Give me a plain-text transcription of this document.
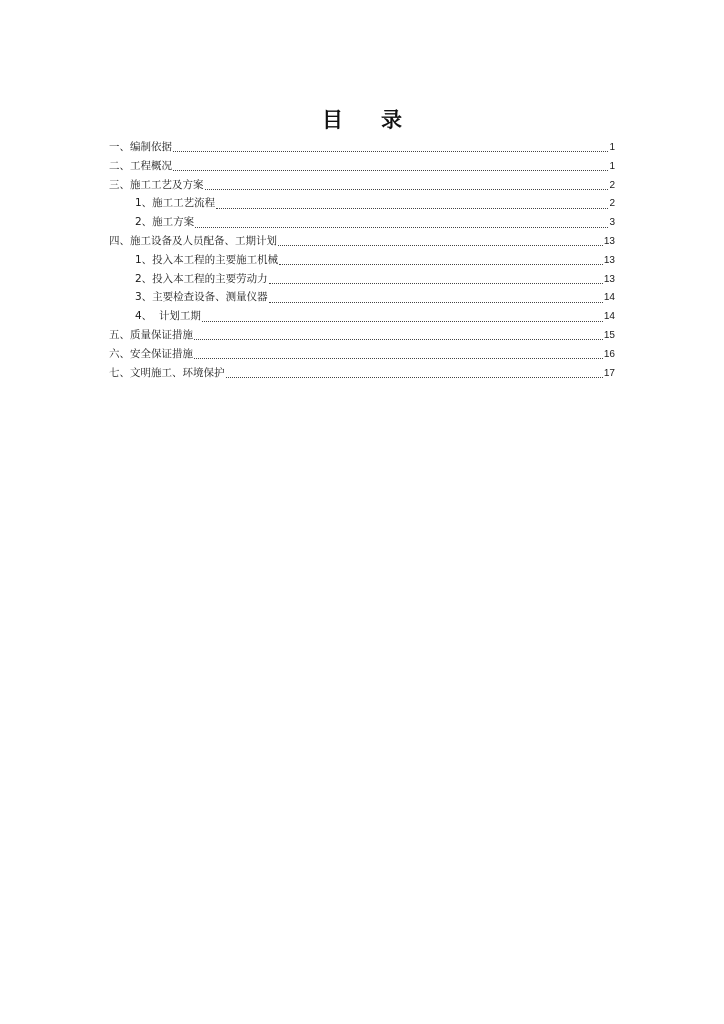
目 录
一、编制依据	1
二、工程概况	1
三、施工工艺及方案	2
1、施工工艺流程	2
2、施工方案	3
四、施工设备及人员配备、工期计划	13
1、投入本工程的主要施工机械	13
2、投入本工程的主要劳动力	13
3、主要检查设备、测量仪器	14
4、  计划工期	14
五、质量保证措施	15
六、安全保证措施	16
七、文明施工、环境保护	17
